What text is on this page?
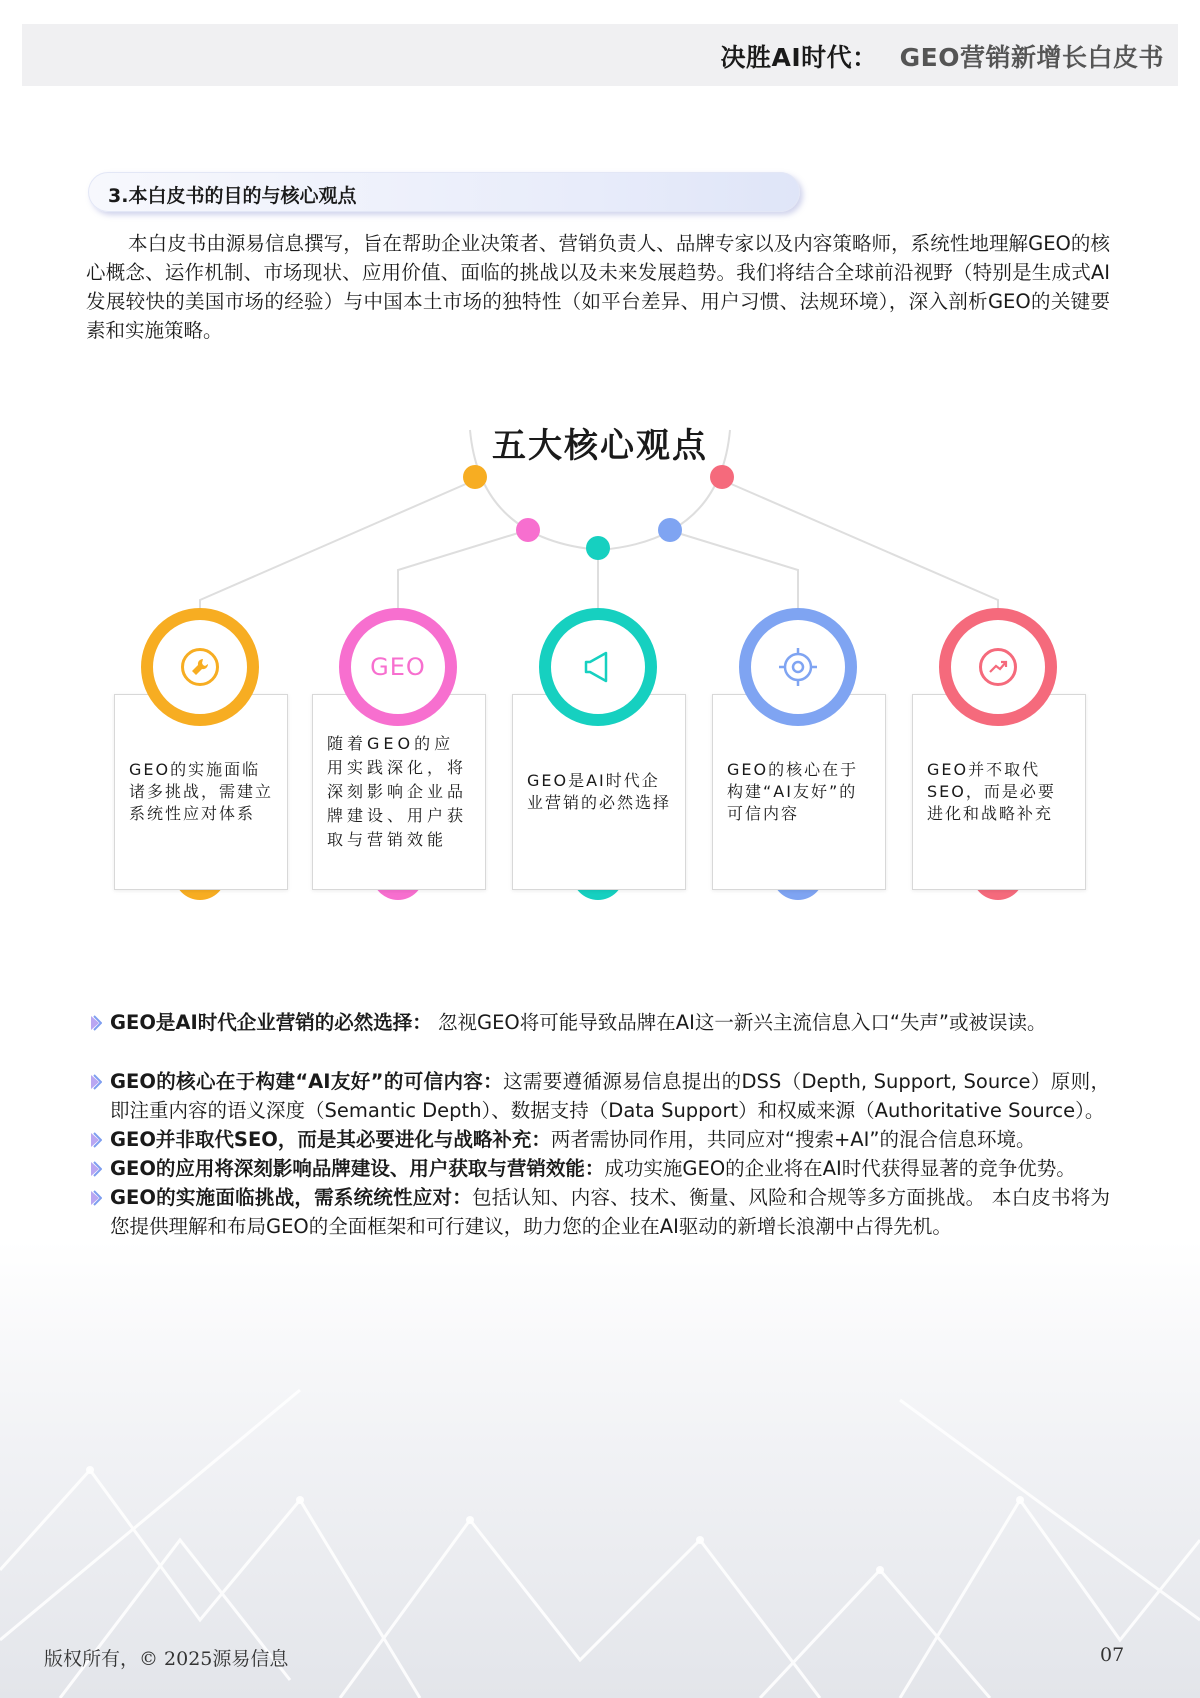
决胜AI时代： GEO营销新增长白皮书
3.本白皮书的目的与核心观点
本白皮书由源易信息撰写，旨在帮助企业决策者、营销负责人、品牌专家以及内容策略师，系统性地理解GEO的核心概念、运作机制、市场现状、应用价值、面临的挑战以及未来发展趋势。我们将结合全球前沿视野（特别是生成式AI发展较快的美国市场的经验）与中国本土市场的独特性（如平台差异、用户习惯、法规环境），深入剖析GEO的关键要素和实施策略。
五大核心观点
GEO的实施面临诸多挑战，需建立系统性应对体系
随着GEO的应用实践深化，将深刻影响企业品牌建设、用户获取与营销效能
GEO是AI时代企业营销的必然选择
GEO的核心在于构建“AI友好”的可信内容
GEO并不取代SEO，而是必要进化和战略补充
GEO
GEO是AI时代企业营销的必然选择： 忽视GEO将可能导致品牌在AI这一新兴主流信息入口“失声”或被误读。
GEO的核心在于构建“AI友好”的可信内容：这需要遵循源易信息提出的DSS（Depth, Support, Source）原则，即注重内容的语义深度（Semantic Depth）、数据支持（Data Support）和权威来源（Authoritative Source）。
GEO并非取代SEO，而是其必要进化与战略补充：两者需协同作用，共同应对“搜索+AI”的混合信息环境。
GEO的应用将深刻影响品牌建设、用户获取与营销效能：成功实施GEO的企业将在AI时代获得显著的竞争优势。
GEO的实施面临挑战，需系统统性应对：包括认知、内容、技术、衡量、风险和合规等多方面挑战。 本白皮书将为您提供理解和布局GEO的全面框架和可行建议，助力您的企业在AI驱动的新增长浪潮中占得先机。
版权所有，© 2025源易信息	07
